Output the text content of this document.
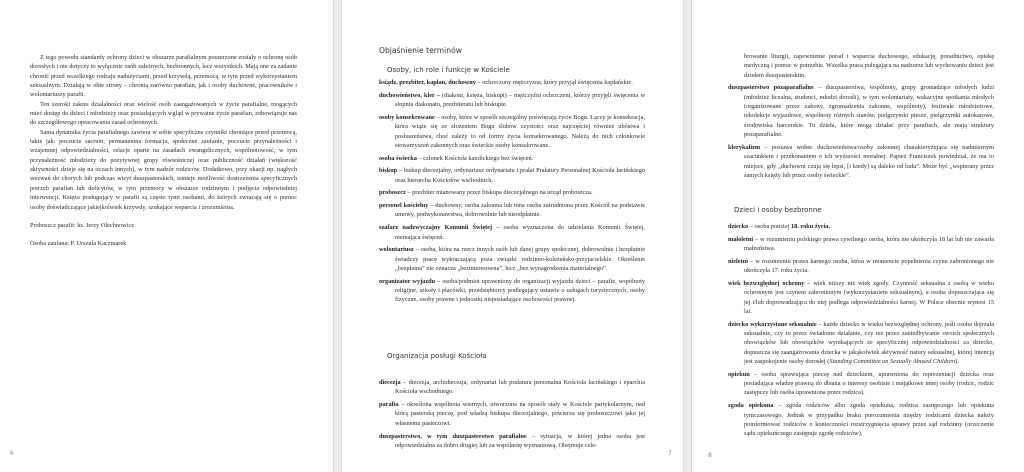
Z tego powodu standardy ochrony dzieci w obszarze parafialnym poszerzone zostały o ochronę osób dorosłych i nie dotyczy to wyłącznie osób zależnych, bezbronnych, lecz wszystkich. Mają one za zadanie chronić przed wszelkiego rodzaju nadużyciami, przed krzywdą, przemocą, w tym przed wykorzystaniem seksualnym. Działają w obie strony – chronią zarówno parafian, jak i osoby duchowne, pracowników i wolontariuszy parafii.

Ten szeroki zakres działalności oraz wielość osób zaangażowanych w życie parafialne, mogących mieć dostęp do dzieci i młodzieży oraz posiadających wgląd w prywatne życie parafian, zobowiązuje nas do szczegółowego opracowania zasad ochronnych.

Sama dynamika życia parafialnego zawiera w sobie specyficzne czynniki chroniące przed przemocą, takie jak: poczucie sacrum, permanentna formacja, społeczne zaufanie, poczucie przynależności i wzajemnej odpowiedzialności, relacje oparte na zasadach ewangelicznych, wspólnotowość, w tym przynależność młodzieży do pozytywnej grupy rówieśniczej oraz publiczność działań (większość aktywności dzieje się na oczach innych), w tym nadzór rodziców. Dodatkowo, przy okazji np. nagłych wezwań do chorych lub podczas wizyt duszpasterskich, istnieje możliwość dostrzeżenia specyficznych potrzeb parafian lub deficytów, w tym przemocy w obszarze rodzinnym i podjęcia odpowiedniej interwencji. Księża posługujący w parafii są często tymi osobami, do których zwracają się o pomoc osoby doświadczające jakiejkolwiek krzywdy, szukające wsparcia i zrozumienia.

Proboszcz parafii: ks. Jerzy Olechnowicz

Osoba zaufana: P. Urszula Kaczmarek

6
Objaśnienie terminów
Osoby, ich role i funkcje w Kościele

ksiądz, prezbiter, kapłan, duchowny – ochrzczony mężczyzna, który przyjął święcenia kapłańskie.

duchowieństwo, kler – (diakoni, księża, biskupi) – mężczyźni ochrzczeni, którzy przyjęli święcenia w stopniu diakonatu, prezbiteratu lub biskupie.

osoby konsekrowane – osoby, które w sposób szczególny poświęcają życie Bogu. Łączy je konsekracja, która wiąże się ze złożeniem Bogu ślubów czystości oraz najczęściej również ubóstwa i posłuszeństwa, choć zależy to od formy życia konsekrowanego. Należą do nich członkowie stowarzyszeń zakonnych oraz świeckie osoby konsekrowane.

osoba świecka – członek Kościoła katolickiego bez święceń.

biskup – biskup diecezjalny, ordynariusz ordynariatu i prałat Prałatury Personalnej Kościoła łacińskiego oraz hierarcha Kościołów wschodnich.

proboszcz – prezbiter mianowany przez biskupa diecezjalnego na urząd proboszcza.

personel kościelny – duchowny, osoba zakonna lub inna osoba zatrudniona przez Kościół na podstawie umowy, podwykonawstwa, dobrowolnie lub nieodpłatnie.

szafarz nadzwyczajny Komunii Świętej – osoba wyznaczona do udzielania Komunii Świętej, niemająca święceń.

wolontariusz – osoba, która na rzecz innych osób lub danej grupy społecznej, dobrowolnie i bezpłatnie świadczy pracę wykraczającą poza związki rodzinno-koleżeńsko-przyjacielskie. Określenie „bezpłatna” nie oznacza „bezinteresowna”, lecz „bez wynagrodzenia materialnego”.

organizator wyjazdu – osoba/podmiot uprawniony do organizacji wyjazdu dzieci – parafie, wspólnoty religijne, szkoły i placówki, przedsiębiorcy podlegający ustawie o usługach turystycznych, osoby fizyczne, osoby prawne i jednostki nieposiadające osobowości prawnej.

Organizacja posługi Kościoła

diecezja – diecezja, archidiecezja, ordynariat lub prałatura personalna Kościoła łacińskiego i eparchia Kościoła wschodniego.

parafia – określona wspólnota wiernych, utworzona na sposób stały w Kościele partykularnym, nad którą pasterską pieczę, pod władzą biskupa diecezjalnego, powierza się proboszczowi jako jej własnemu pasterzowi.

duszpasterstwo, w tym duszpasterstwo parafialne – sytuacja, w której jedna osoba jest odpowiedzialna za dobro drugiej lub za wspólnotę wyznaniową. Obejmuje cele-

7

browanie liturgii, zapewnienie porad i wsparcia duchowego, edukację, poradnictwo, opiekę medyczną i pomoc w potrzebie. Wszelka praca polegająca na nadzorze lub wychowaniu dzieci jest dziełem duszpasterskim.

duszpasterstwo pozaparafialne – duszpasterstwa, wspólnoty, grupy gromadzące młodych ludzi (młodzież licealna, studenci, młodzi dorośli), w tym wolontariaty, wakacyjne spotkania młodych (organizowane przez zakony, zgromadzenia zakonne, wspólnoty), festiwale młodzieżowe, rekolekcje wyjazdowe, wspólnoty różnych stanów, pielgrzymki piesze, pielgrzymki autokarowe, środowiska harcerskie. To dzieła, które mogą działać przy parafiach, ale mają struktury pozaparafialne.

klerykalizm – postawa wobec duchowieństwa/osoby zakonnej charakteryzująca się nadmiernym szacunkiem i przekonaniem o ich wyższości moralnej. Papież Franciszek powiedział, że ma to miejsce, gdy „duchowni czują się lepsi, [i kiedy] są daleko od ludu”. Może być „wspierany przez samych księży lub przez osoby świeckie”.

Dzieci i osoby bezbronne

dziecko – osoba poniżej 18. roku życia.

małoletni – w rozumieniu polskiego prawa cywilnego osoba, która nie ukończyła 18 lat lub nie zawarła małżeństwa.

nieletni – w rozumieniu prawa karnego osoba, która w momencie popełnienia czynu zabronionego nie ukończyła 17. roku życia.

wiek bezwzględnej ochrony – wiek niższy niż wiek zgody. Czynność seksualna z osobą w wieku ochronnym jest czynem zabronionym (wykorzystaniem seksualnym), a osoba dopuszczająca się jej i/lub doprowadzająca do niej podlega odpowiedzialności karnej. W Polsce obecnie wynosi 15 lat.

dziecko wykorzystane seksualnie – każde dziecko w wieku bezwzględnej ochrony, jeśli osoba dojrzała seksualnie, czy to przez świadome działanie, czy też przez zaniedbywanie swoich społecznych obowiązków lub obowiązków wynikających ze specyficznej odpowiedzialności za dziecko, dopuszcza się zaangażowania dziecka w jakąkolwiek aktywność natury seksualnej, której intencją jest zaspokojenie osoby dorosłej (Standing Committee on Sexually Abused Children).

opiekun – osoba sprawująca pieczę nad dzieckiem, uprawniona do reprezentacji dziecka oraz posiadająca władzę prawną do dbania o interesy osobiste i majątkowe innej osoby (rodzic, rodzic zastępczy lub osoba uprawniona przez rodzica).

zgoda opiekuna – zgoda rodziców albo zgoda opiekuna, rodzica zastępczego lub opiekuna tymczasowego. Jednak w przypadku braku porozumienia między rodzicami dziecka należy poinformować rodziców o konieczności rozstrzygnięcia sprawy przez sąd rodzinny (orzeczenie sądu opiekuńczego zastępuje zgodę rodziców).

8
